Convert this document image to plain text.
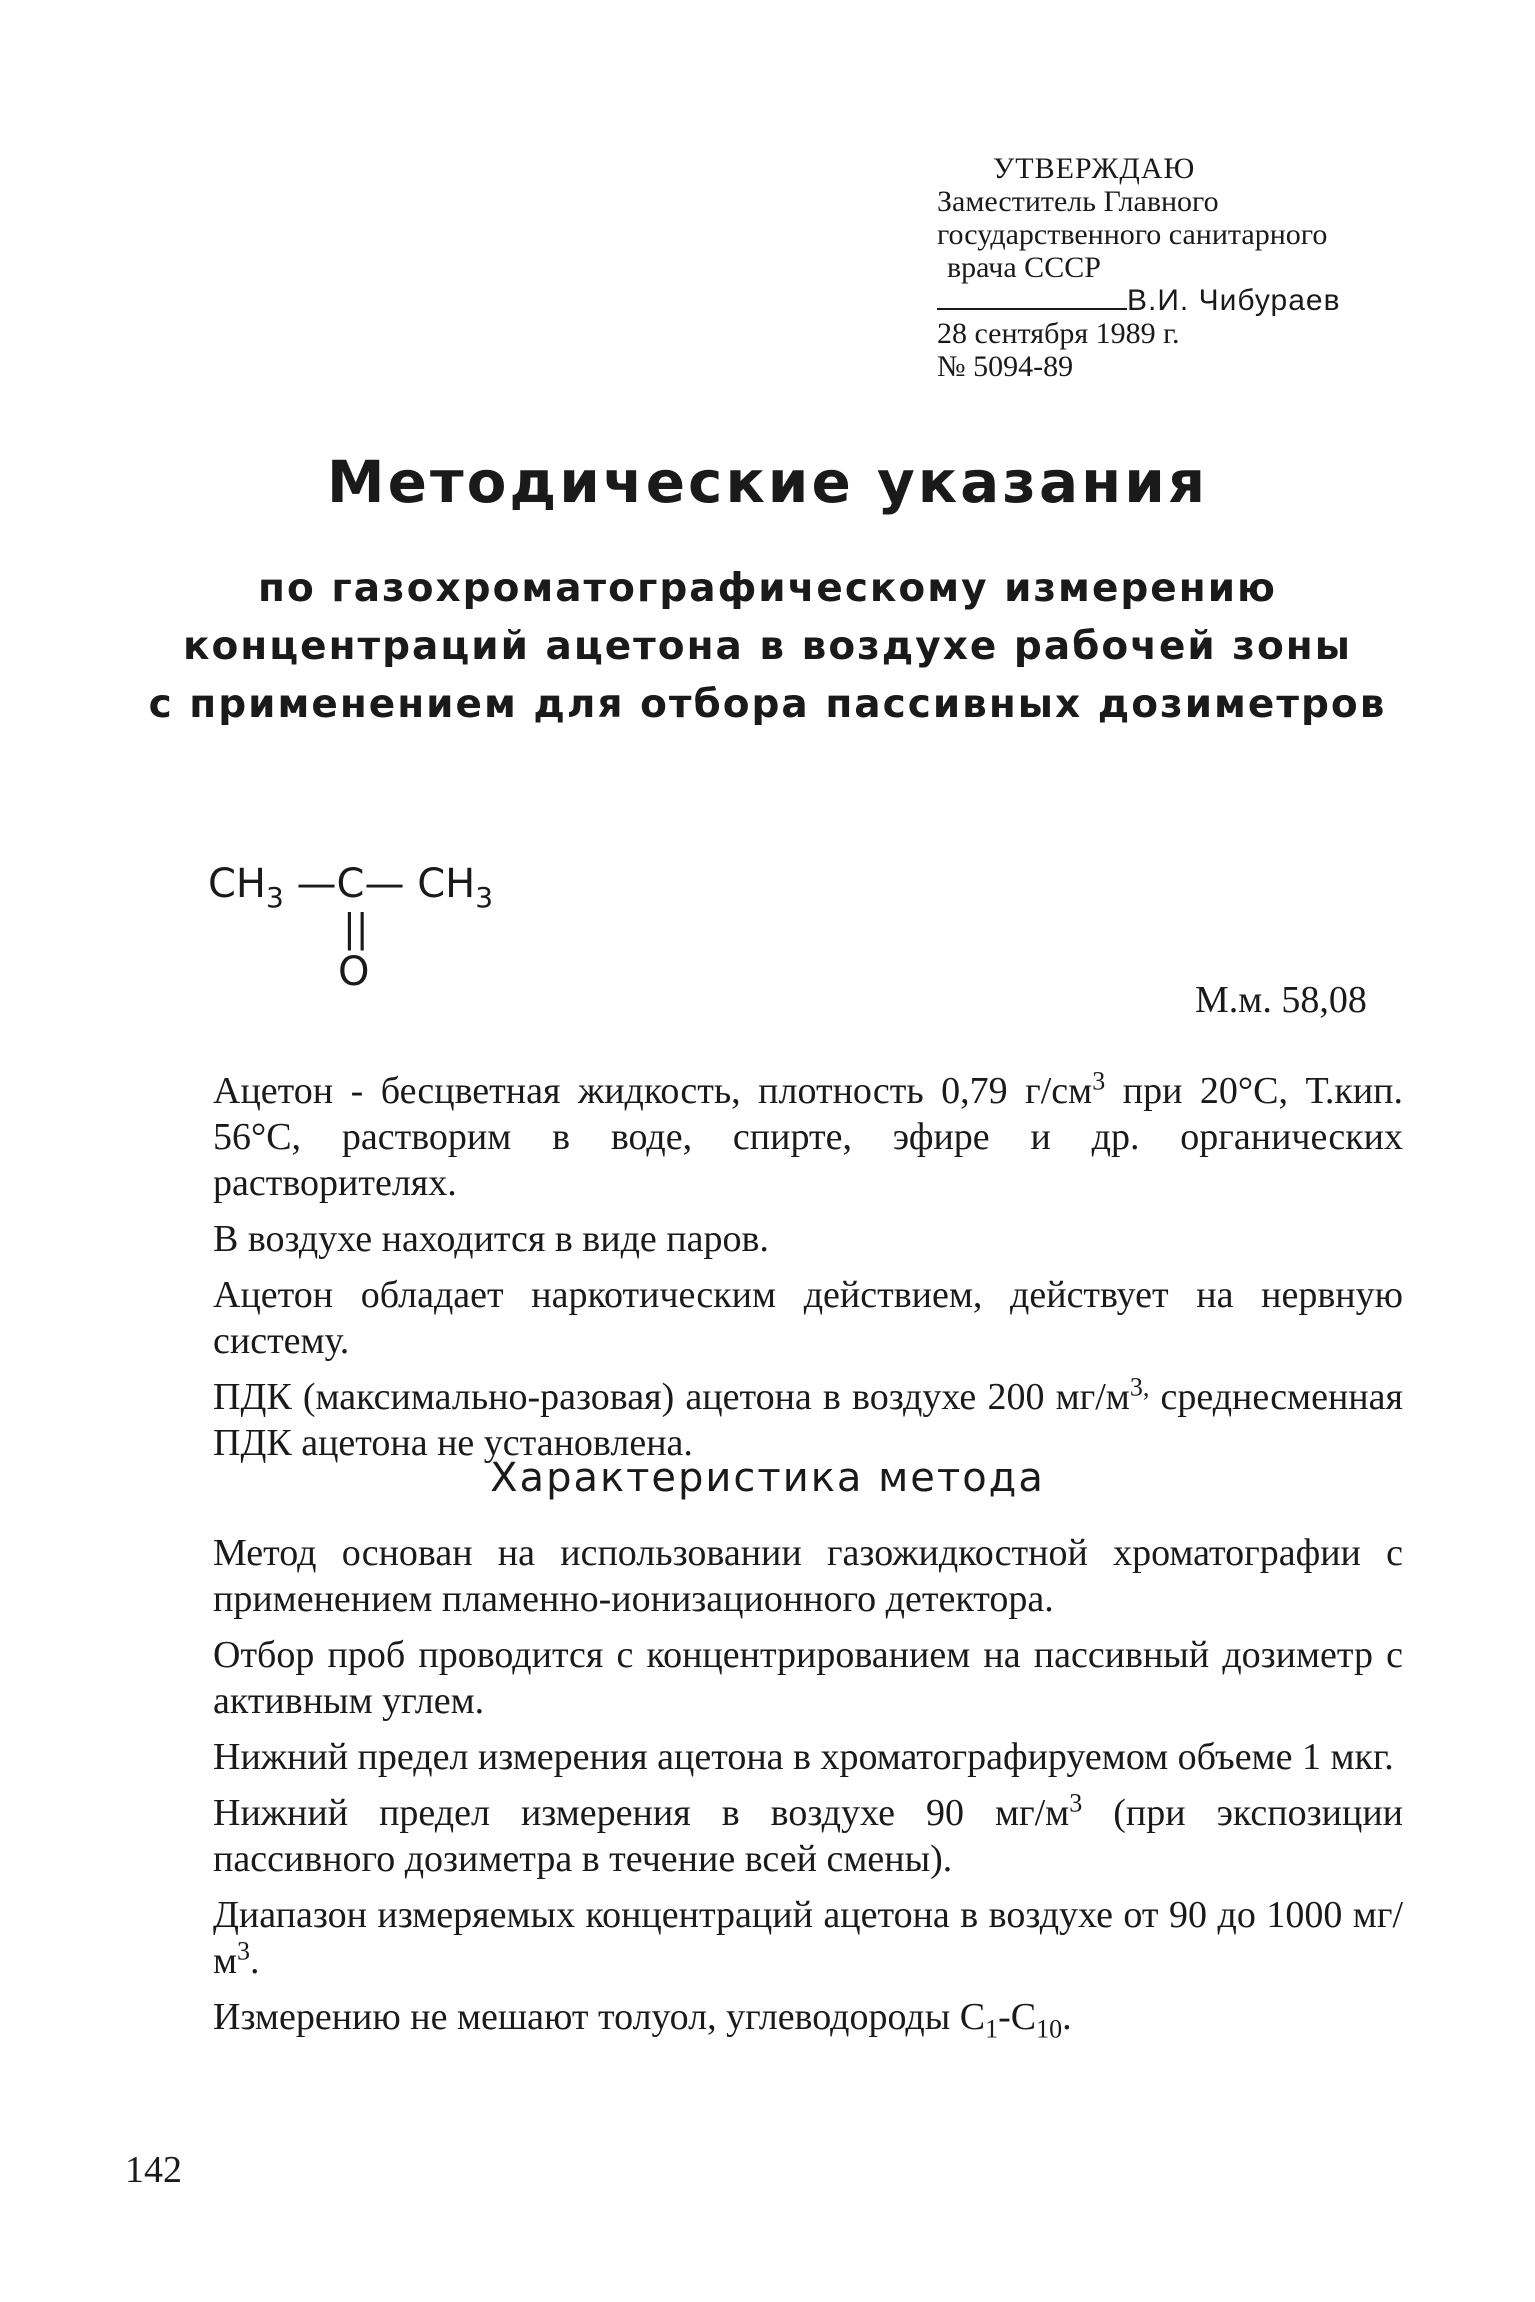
УТВЕРЖДАЮ
Заместитель Главного
государственного санитарного
врача СССР
В.И. Чибураев
28 сентября 1989 г.
№ 5094-89
Методические указания
по газохроматографическому измерению
концентраций ацетона в воздухе рабочей зоны
с применением для отбора пассивных дозиметров
$CH_3$ —C— $CH_3$
||
O
М.м. 58,08

Ацетон - бесцветная жидкость, плотность 0,79 $г/см^3$ при 20°С, Т.кип. 56°С, растворим в воде, спирте, эфире и др. органических растворителях.

В воздухе находится в виде паров.

Ацетон обладает наркотическим действием, действует на нервную систему.

ПДК (максимально-разовая) ацетона в воздухе 200 $мг/м^{3,}$ среднесменная ПДК ацетона не установлена.

Характеристика метода

Метод основан на использовании газожидкостной хроматографии с применением пламенно-ионизационного детектора.

Отбор проб проводится с концентрированием на пассивный дозиметр с активным углем.

Нижний предел измерения ацетона в хроматографируемом объеме 1 мкг.

Нижний предел измерения в воздухе 90 $мг/м^3$ (при экспозиции пассивного дозиметра в течение всей смены).

Диапазон измеряемых концентраций ацетона в воздухе от 90 до 1000 $мг/м^3$.

Измерению не мешают толуол, углеводороды $С_1-С_{10}$.

142
